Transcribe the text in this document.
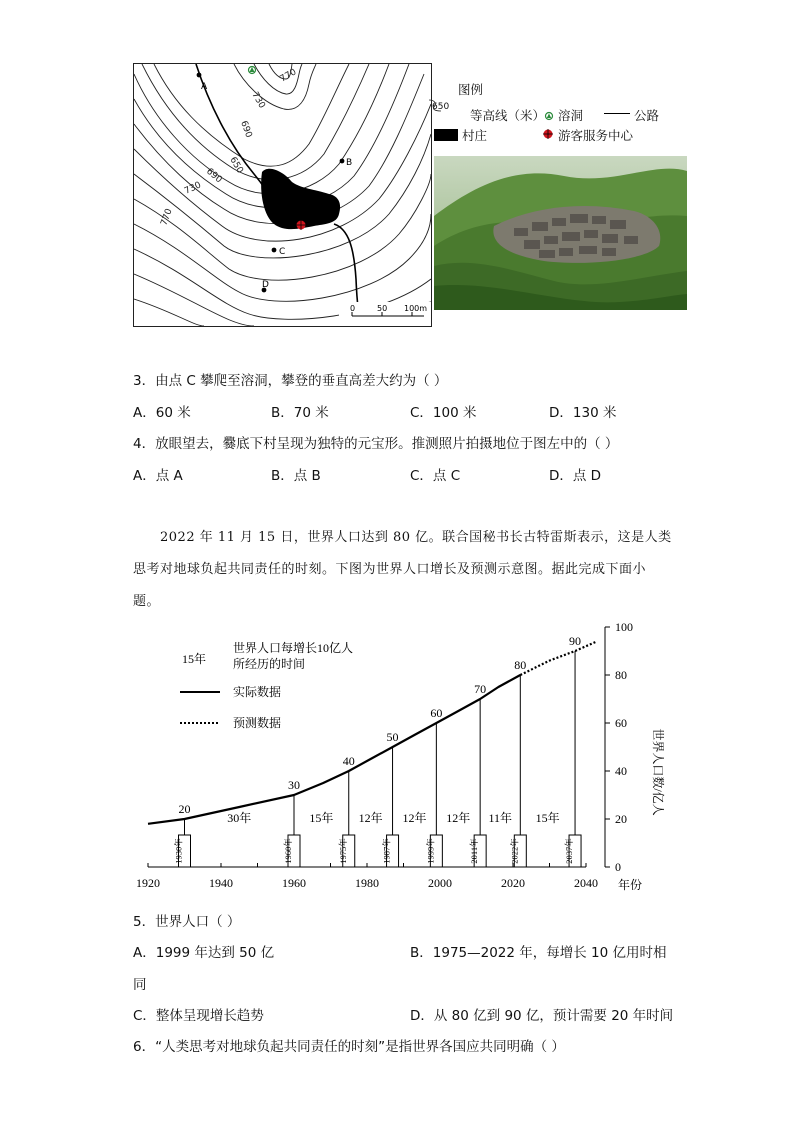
A
B
C
D
770
730
690
650
690
730
770
0	50 100m
图例
650
等高线（米） 溶洞	公路
村庄	游客服务中心
3．由点 C 攀爬至溶洞，攀登的垂直高差大约为（ ）
A．60 米	B．70 米	C．100 米	D．130 米
4．放眼望去，爨底下村呈现为独特的元宝形。推测照片拍摄地位于图左中的（ ）
A．点 A	B．点 B	C．点 C	D．点 D
2022 年 11 月 15 日，世界人口达到 80 亿。联合国秘书长古特雷斯表示，这是人类
思考对地球负起共同责任的时刻。下图为世界人口增长及预测示意图。据此完成下面小
题。
1920	1940	1960	1980	2000	2020	2040
0
20
40
60
80
100
20
1930年
30
1960年
40
1975年
50
1987年
60
1999年
70
2011年
80
2022年
90
2037年
30年	15年 12年 12年 12年 11年 15年
15年
世界人口每增长10亿人
所经历的时间
实际数据
预测数据
世界人口数/亿人
年份
5．世界人口（ ）
A．1999 年达到 50 亿	B．1975—2022 年，每增长 10 亿用时相
同
C．整体呈现增长趋势	D．从 80 亿到 90 亿，预计需要 20 年时间
6．“人类思考对地球负起共同责任的时刻”是指世界各国应共同明确（ ）
